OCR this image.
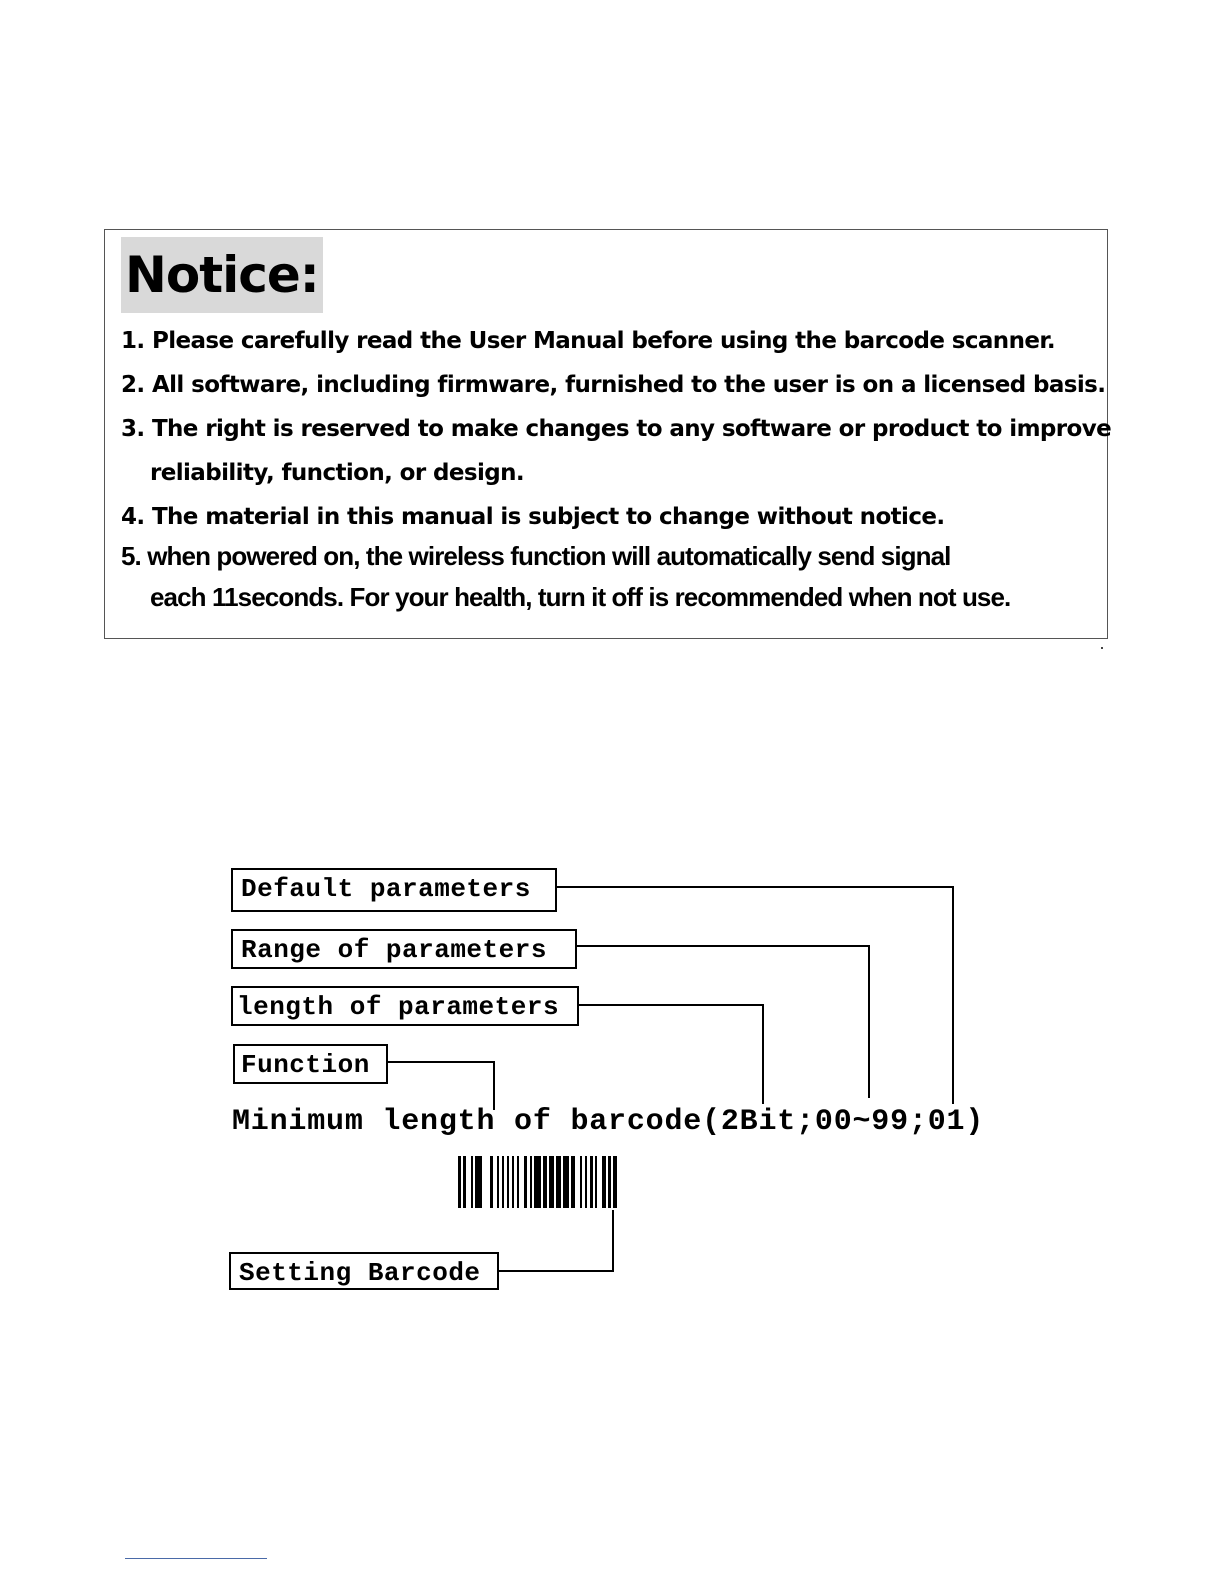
Notice:
1. Please carefully read the User Manual before using the barcode scanner.
2. All software, including firmware, furnished to the user is on a licensed basis.
3. The right is reserved to make changes to any software or product to improve
reliability, function, or design.
4. The material in this manual is subject to change without notice.
5. when powered on, the wireless function will automatically send signal
each 11seconds. For your health, turn it off is recommended when not use.
Default parameters
Range of parameters
length of parameters
Function
Minimum length of barcode(2Bit;00~99;01)
Setting Barcode
